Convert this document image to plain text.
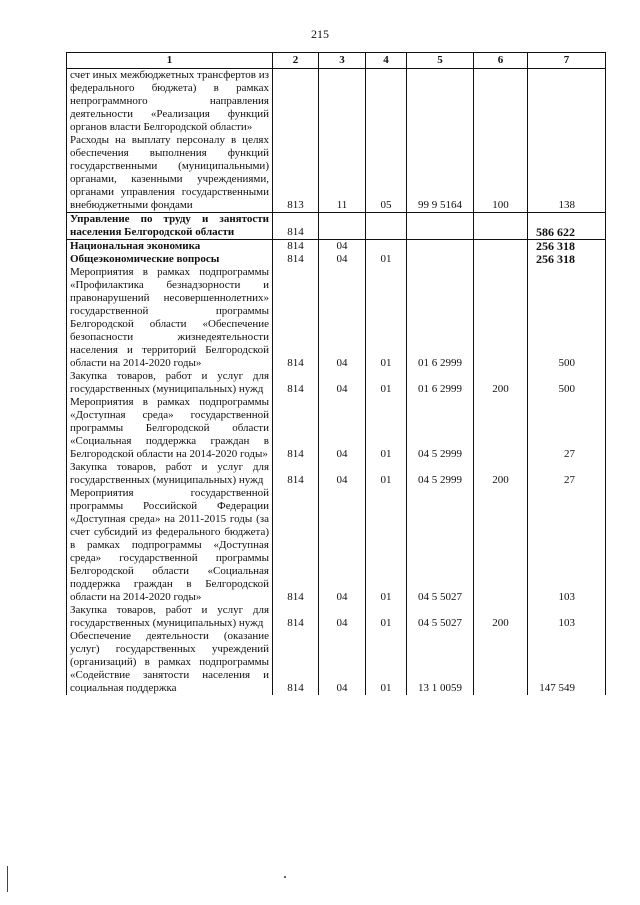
215
1	2	3	4	5	6	7
счет иных межбюджетных трансфертов из федерального бюджета) в рамках непрограммного направления деятельности «Реализация функций органов власти Белгородской области»						
Расходы на выплату персоналу в целях обеспечения выполнения функций государственными (муниципальными) органами, казенными учреждениями, органами управления государственными внебюджетными фондами	813	11	05	99 9 5164	100	138
Управление по труду и занятости населения Белгородской области	814					586 622
Национальная экономика	814	04				256 318
Общеэкономические вопросы	814	04	01			256 318
Мероприятия в рамках подпрограммы «Профилактика безнадзорности и правонарушений несовершеннолетних» государственной программы Белгородской области «Обеспечение безопасности жизнедеятельности населения и территорий Белгородской области на 2014-2020 годы»	814	04	01	01 6 2999		500
Закупка товаров, работ и услуг для государственных (муниципальных) нужд	814	04	01	01 6 2999	200	500
Мероприятия в рамках подпрограммы «Доступная среда» государственной программы Белгородской области «Социальная поддержка граждан в Белгородской области на 2014-2020 годы»	814	04	01	04 5 2999		27
Закупка товаров, работ и услуг для государственных (муниципальных) нужд	814	04	01	04 5 2999	200	27
Мероприятия государственной программы Российской Федерации «Доступная среда» на 2011-2015 годы (за счет субсидий из федерального бюджета) в рамках подпрограммы «Доступная среда» государственной программы Белгородской области «Социальная поддержка граждан в Белгородской области на 2014-2020 годы»	814	04	01	04 5 5027		103
Закупка товаров, работ и услуг для государственных (муниципальных) нужд	814	04	01	04 5 5027	200	103
Обеспечение деятельности (оказание услуг) государственных учреждений (организаций) в рамках подпрограммы «Содействие занятости населения и социальная поддержка	814	04	01	13 1 0059		147 549
